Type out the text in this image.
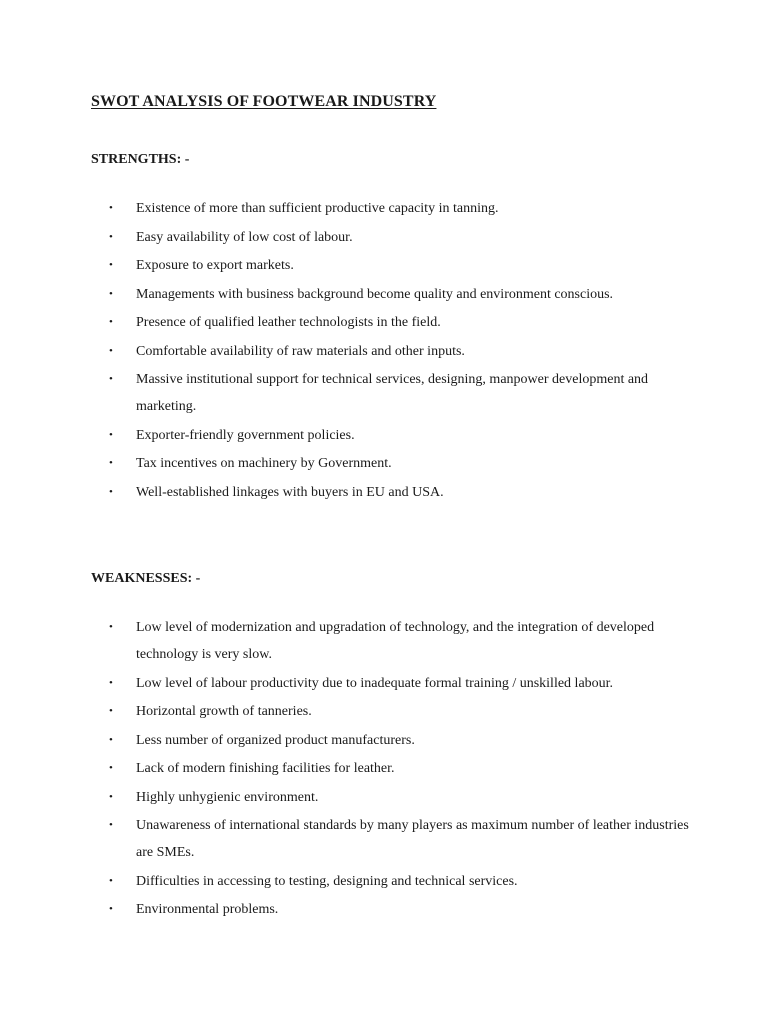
SWOT ANALYSIS OF FOOTWEAR INDUSTRY
STRENGTHS: -
•	Existence of more than sufficient productive capacity in tanning.
•	Easy availability of low cost of labour.
•	Exposure to export markets.
•	Managements with business background become quality and environment conscious.
•	Presence of qualified leather technologists in the field.
•	Comfortable availability of raw materials and other inputs.
•	Massive institutional support for technical services, designing, manpower development and marketing.
•	Exporter-friendly government policies.
•	Tax incentives on machinery by Government.
•	Well-established linkages with buyers in EU and USA.
WEAKNESSES: -
•	Low level of modernization and upgradation of technology, and the integration of developed technology is very slow.
•	Low level of labour productivity due to inadequate formal training / unskilled labour.
•	Horizontal growth of tanneries.
•	Less number of organized product manufacturers.
•	Lack of modern finishing facilities for leather.
•	Highly unhygienic environment.
•	Unawareness of international standards by many players as maximum number of leather industries are SMEs.
•	Difficulties in accessing to testing, designing and technical services.
•	Environmental problems.
